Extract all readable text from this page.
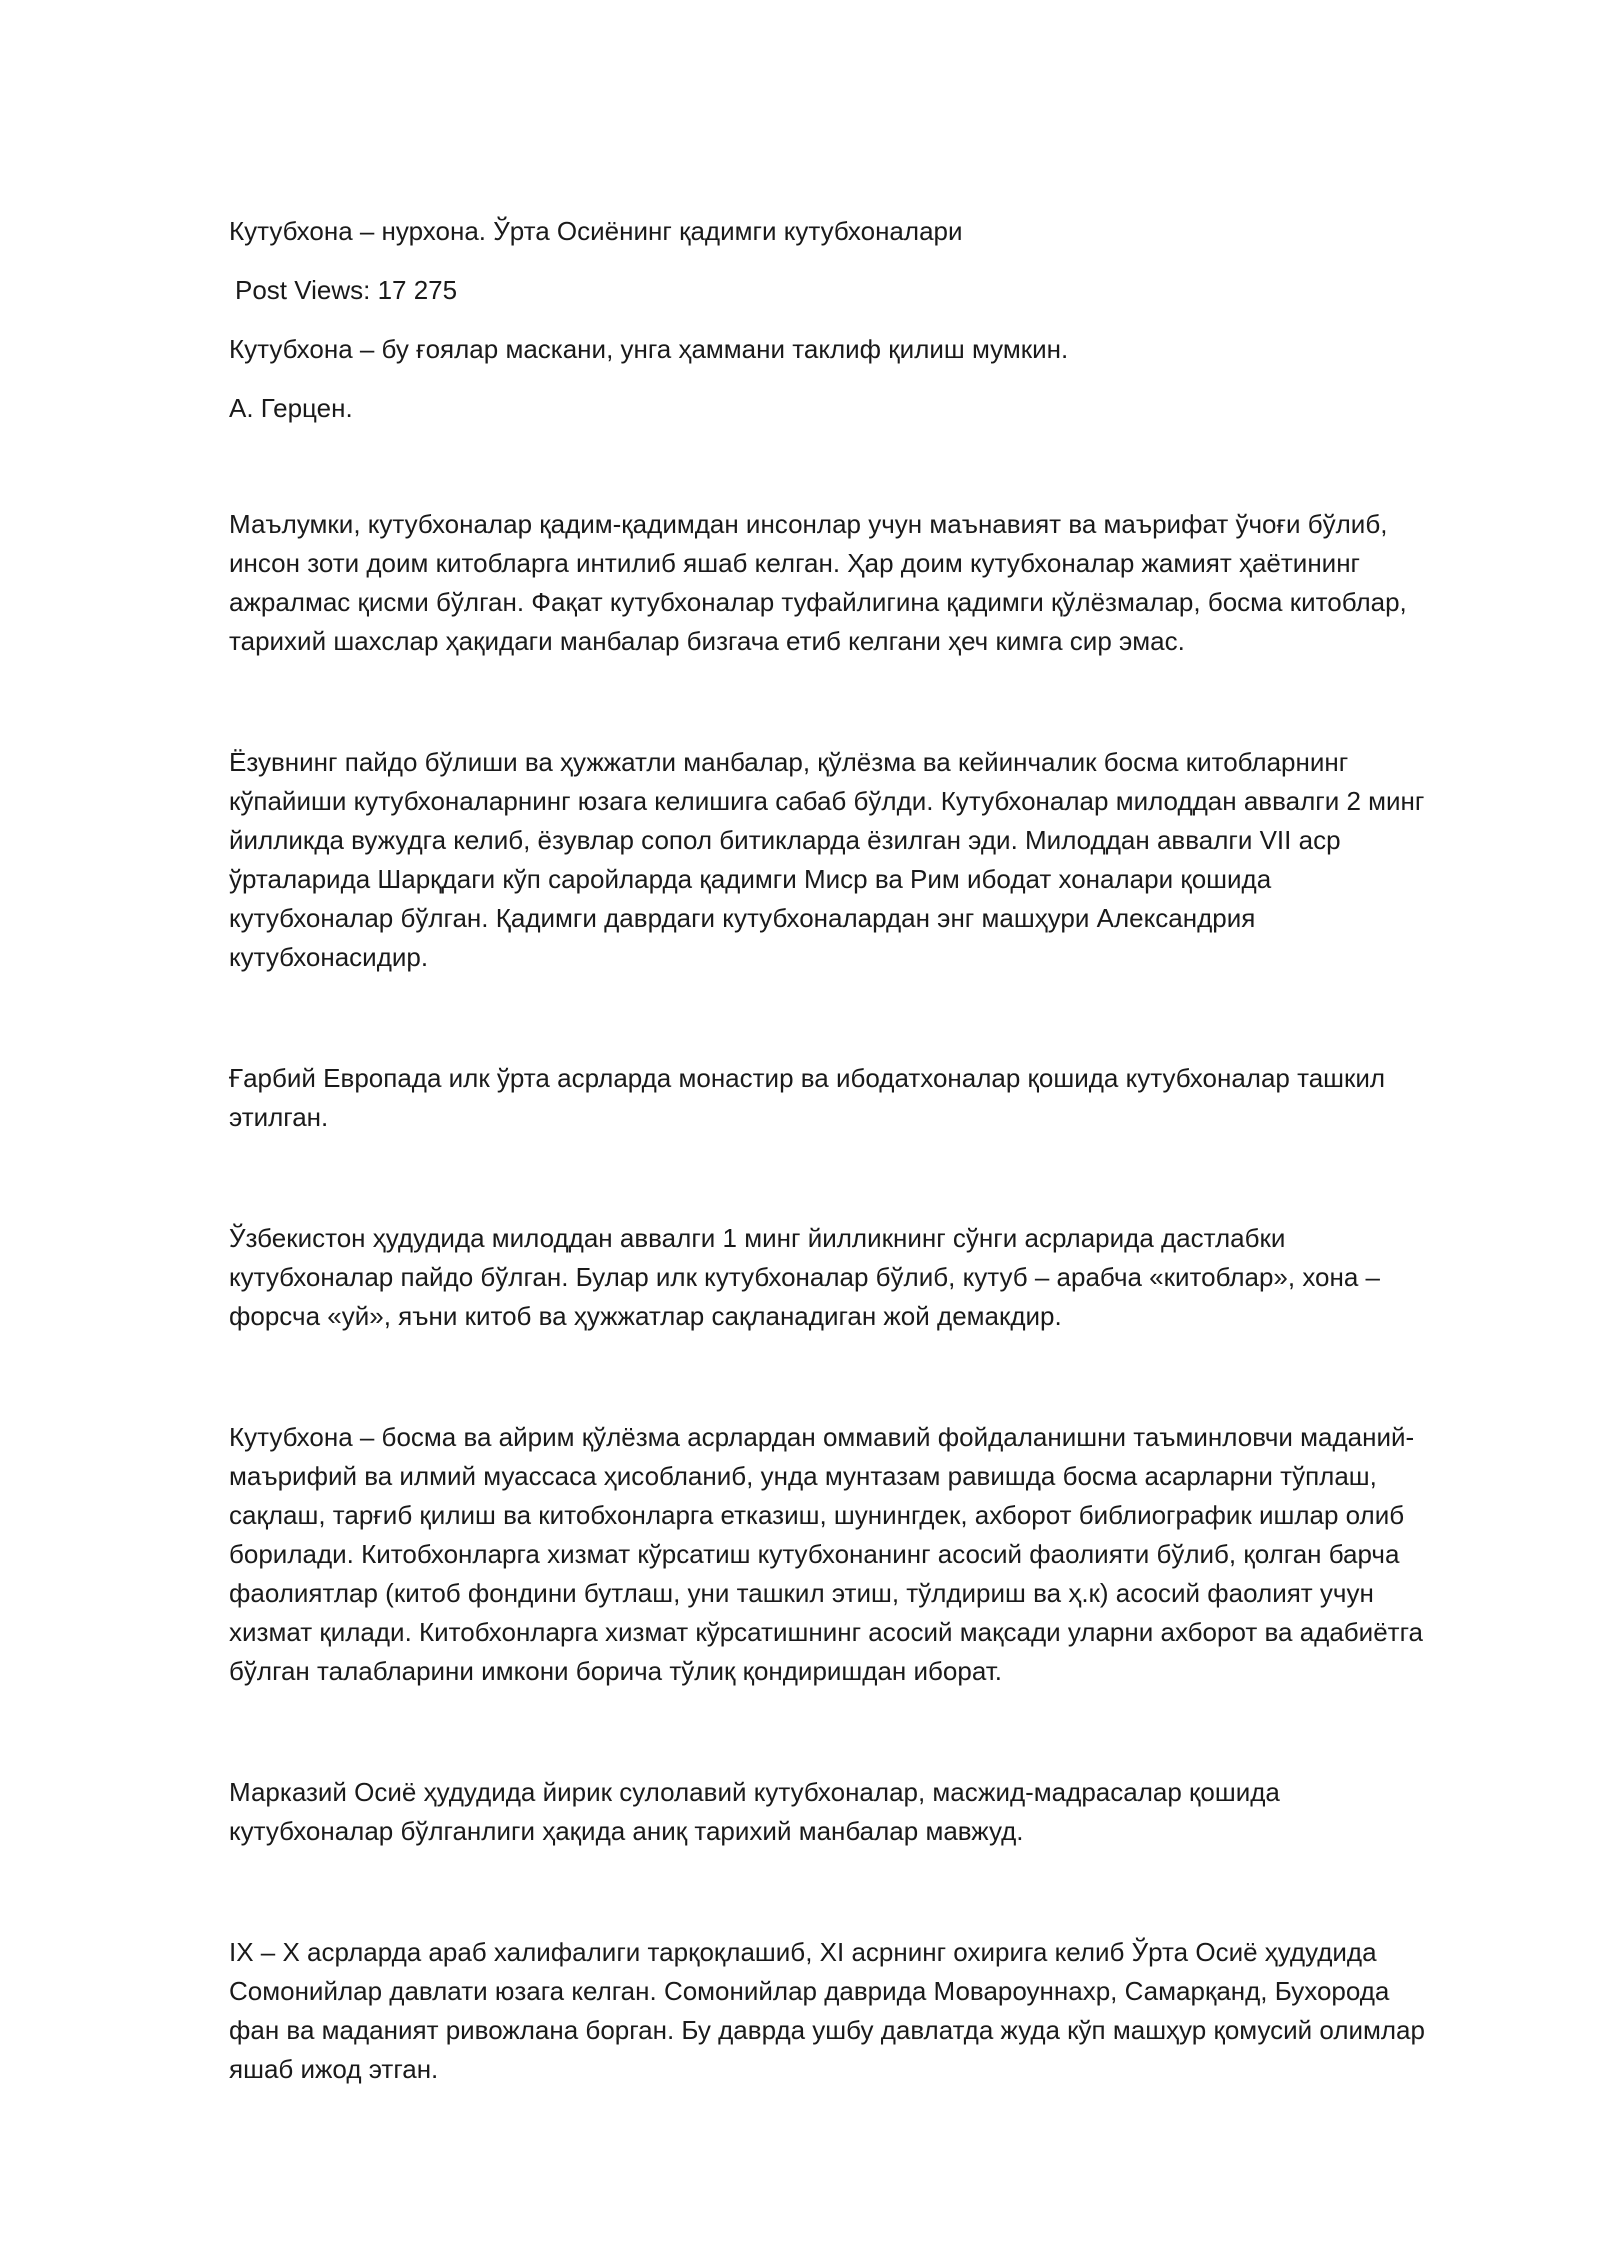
Кутубхона – нурхона. Ўрта Осиёнинг қадимги кутубхоналари

Post Views: 17 275

Кутубхона – бу ғоялар маскани, унга ҳаммани таклиф қилиш мумкин.

А. Герцен.

Маълумки, кутубхоналар қадим-қадимдан инсонлар учун маънавият ва маърифат ўчоғи бўлиб,
инсон зоти доим китобларга интилиб яшаб келган. Ҳар доим кутубхоналар жамият ҳаётининг
ажралмас қисми бўлган. Фақат кутубхоналар туфайлигина қадимги қўлёзмалар, босма китоблар,
тарихий шахслар ҳақидаги манбалар бизгача етиб келгани ҳеч кимга сир эмас.
Ёзувнинг пайдо бўлиши ва ҳужжатли манбалар, қўлёзма ва кейинчалик босма китобларнинг
кўпайиши кутубхоналарнинг юзага келишига сабаб бўлди. Кутубхоналар милоддан аввалги 2 минг
йилликда вужудга келиб, ёзувлар сопол битикларда ёзилган эди. Милоддан аввалги VII аср
ўрталарида Шарқдаги кўп саройларда қадимги Миср ва Рим ибодат хоналари қошида
кутубхоналар бўлган. Қадимги даврдаги кутубхоналардан энг машҳури Александрия
кутубхонасидир.
Ғарбий Европада илк ўрта асрларда монастир ва ибодатхоналар қошида кутубхоналар ташкил
этилган.
Ўзбекистон ҳудудида милоддан аввалги 1 минг йилликнинг сўнги асрларида дастлабки
кутубхоналар пайдо бўлган. Булар илк кутубхоналар бўлиб, кутуб – арабча «китоблар», хона –
форсча «уй», яъни китоб ва ҳужжатлар сақланадиган жой демакдир.
Кутубхона – босма ва айрим қўлёзма асрлардан оммавий фойдаланишни таъминловчи маданий-
маърифий ва илмий муассаса ҳисобланиб, унда мунтазам равишда босма асарларни тўплаш,
сақлаш, тарғиб қилиш ва китобхонларга етказиш, шунингдек, ахборот библиографик ишлар олиб
борилади. Китобхонларга хизмат кўрсатиш кутубхонанинг асосий фаолияти бўлиб, қолган барча
фаолиятлар (китоб фондини бутлаш, уни ташкил этиш, тўлдириш ва ҳ.к) асосий фаолият учун
хизмат қилади. Китобхонларга хизмат кўрсатишнинг асосий мақсади уларни ахборот ва адабиётга
бўлган талабларини имкони борича тўлиқ қондиришдан иборат.
Марказий Осиё ҳудудида йирик сулолавий кутубхоналар, масжид-мадрасалар қошида
кутубхоналар бўлганлиги ҳақида аниқ тарихий манбалар мавжуд.
IX – X асрларда араб халифалиги тарқоқлашиб, XI асрнинг охирига келиб Ўрта Осиё ҳудудида
Сомонийлар давлати юзага келган. Сомонийлар даврида Мовароуннахр, Самарқанд, Бухорода
фан ва маданият ривожлана борган. Бу даврда ушбу давлатда жуда кўп машҳур қомусий олимлар
яшаб ижод этган.
